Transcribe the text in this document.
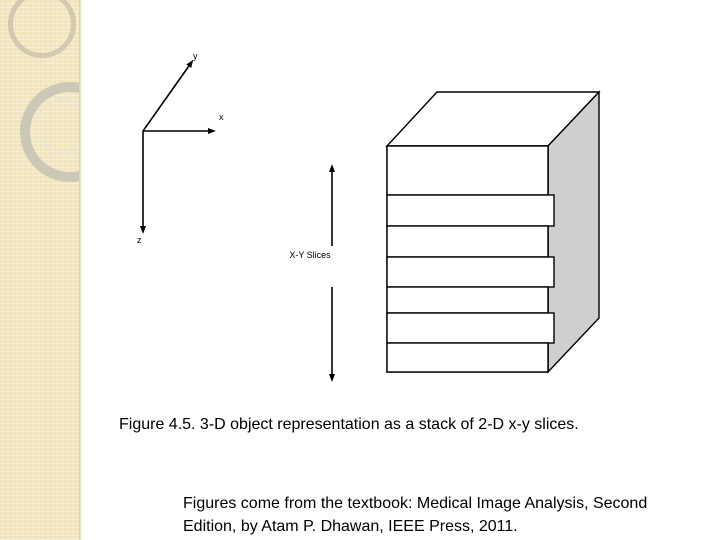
y
x
z
X-Y Slices
Figure 4.5. 3-D object representation as a stack of 2-D x-y slices.
Figures come from the textbook: Medical Image Analysis, Second
Edition, by Atam P. Dhawan, IEEE Press, 2011.
